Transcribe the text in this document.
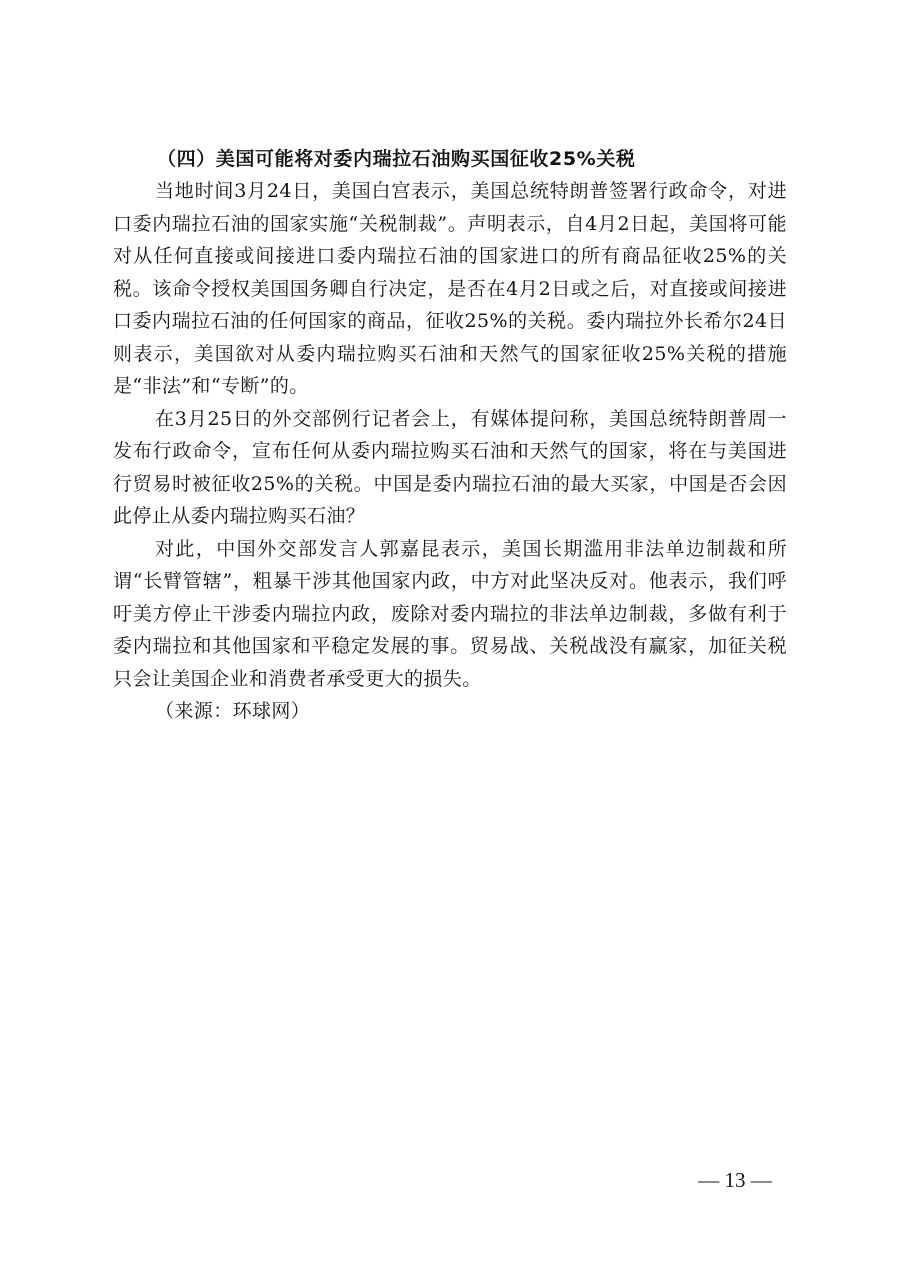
（四）美国可能将对委内瑞拉石油购买国征收25%关税

当地时间3月24日，美国白宫表示，美国总统特朗普签署行政命令，对进口委内瑞拉石油的国家实施“关税制裁”。声明表示，自4月2日起，美国将可能对从任何直接或间接进口委内瑞拉石油的国家进口的所有商品征收25%的关税。该命令授权美国国务卿自行决定，是否在4月2日或之后，对直接或间接进口委内瑞拉石油的任何国家的商品，征收25%的关税。委内瑞拉外长希尔24日则表示，美国欲对从委内瑞拉购买石油和天然气的国家征收25%关税的措施是“非法”和“专断”的。

在3月25日的外交部例行记者会上，有媒体提问称，美国总统特朗普周一发布行政命令，宣布任何从委内瑞拉购买石油和天然气的国家，将在与美国进行贸易时被征收25%的关税。中国是委内瑞拉石油的最大买家，中国是否会因此停止从委内瑞拉购买石油？

对此，中国外交部发言人郭嘉昆表示，美国长期滥用非法单边制裁和所谓“长臂管辖”，粗暴干涉其他国家内政，中方对此坚决反对。他表示，我们呼吁美方停止干涉委内瑞拉内政，废除对委内瑞拉的非法单边制裁，多做有利于委内瑞拉和其他国家和平稳定发展的事。贸易战、关税战没有赢家，加征关税只会让美国企业和消费者承受更大的损失。

（来源：环球网）

— 13 —
